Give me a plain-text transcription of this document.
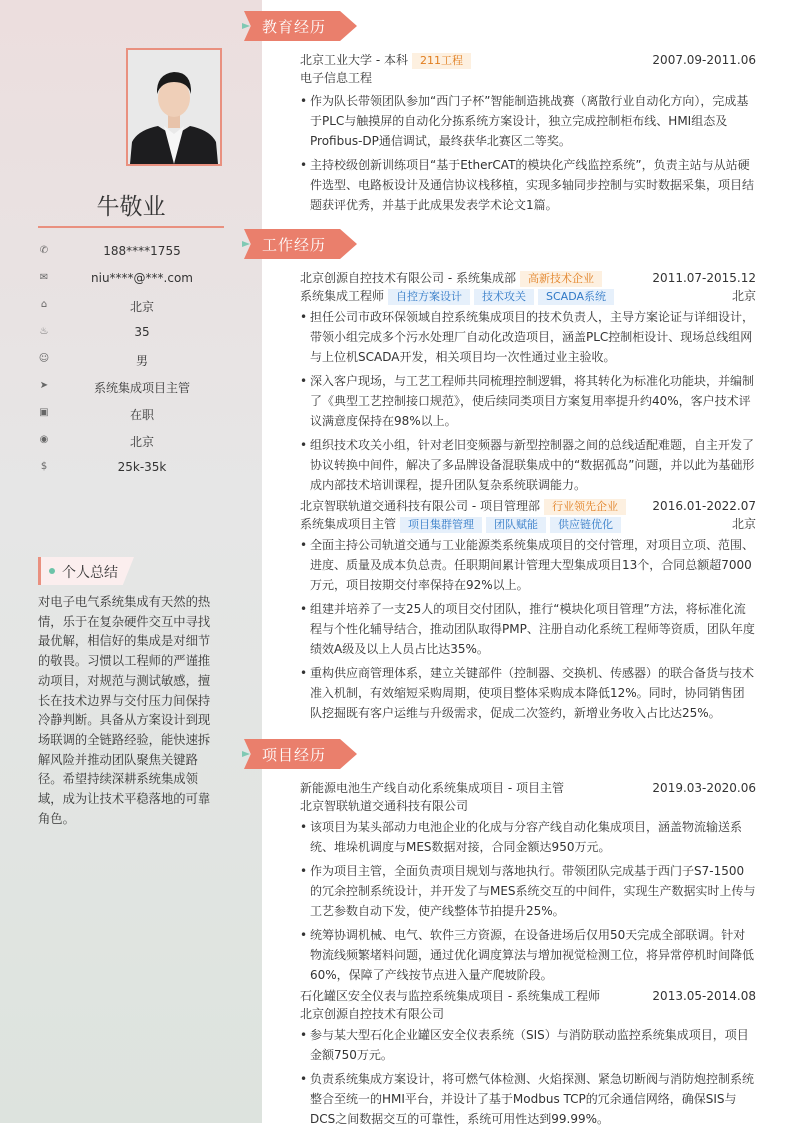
牛敬业
✆	188****1755
✉	niu****@***.com
⌂	北京
♨	35
☺	男
➤	系统集成项目主管
▣	在职
◉	北京
$	25k-35k
个人总结
对电子电气系统集成有天然的热情，乐于在复杂硬件交互中寻找最优解，相信好的集成是对细节的敬畏。习惯以工程师的严谨推动项目，对规范与测试敏感，擅长在技术边界与交付压力间保持冷静判断。具备从方案设计到现场联调的全链路经验，能快速拆解风险并推动团队聚焦关键路径。希望持续深耕系统集成领域，成为让技术平稳落地的可靠角色。
教育经历
北京工业大学 - 本科 211工程	2007.09-2011.06
电子信息工程
• 作为队长带领团队参加“西门子杯”智能制造挑战赛（离散行业自动化方向），完成基于PLC与触摸屏的自动化分拣系统方案设计，独立完成控制柜布线、HMI组态及Profibus-DP通信调试，最终获华北赛区二等奖。
• 主持校级创新训练项目“基于EtherCAT的模块化产线监控系统”，负责主站与从站硬件选型、电路板设计及通信协议栈移植，实现多轴同步控制与实时数据采集，项目结题获评优秀，并基于此成果发表学术论文1篇。
工作经历
北京创源自控技术有限公司 - 系统集成部 高新技术企业	2011.07-2015.12
系统集成工程师 自控方案设计 技术攻关 SCADA系统	北京
• 担任公司市政环保领域自控系统集成项目的技术负责人，主导方案论证与详细设计，带领小组完成多个污水处理厂自动化改造项目，涵盖PLC控制柜设计、现场总线组网与上位机SCADA开发，相关项目均一次性通过业主验收。
• 深入客户现场，与工艺工程师共同梳理控制逻辑，将其转化为标准化功能块，并编制了《典型工艺控制接口规范》，使后续同类项目方案复用率提升约40%，客户技术评议满意度保持在98%以上。
• 组织技术攻关小组，针对老旧变频器与新型控制器之间的总线适配难题，自主开发了协议转换中间件，解决了多品牌设备混联集成中的“数据孤岛”问题，并以此为基础形成内部技术培训课程，提升团队复杂系统联调能力。
北京智联轨道交通科技有限公司 - 项目管理部 行业领先企业	2016.01-2022.07
系统集成项目主管 项目集群管理 团队赋能 供应链优化	北京
• 全面主持公司轨道交通与工业能源类系统集成项目的交付管理，对项目立项、范围、进度、质量及成本负总责。任职期间累计管理大型集成项目13个，合同总额超7000万元，项目按期交付率保持在92%以上。
• 组建并培养了一支25人的项目交付团队，推行“模块化项目管理”方法，将标准化流程与个性化辅导结合，推动团队取得PMP、注册自动化系统工程师等资质，团队年度绩效A级及以上人员占比达35%。
• 重构供应商管理体系，建立关键部件（控制器、交换机、传感器）的联合备货与技术准入机制，有效缩短采购周期，使项目整体采购成本降低12%。同时，协同销售团队挖掘既有客户运维与升级需求，促成二次签约，新增业务收入占比达25%。
项目经历
新能源电池生产线自动化系统集成项目 - 项目主管	2019.03-2020.06
北京智联轨道交通科技有限公司
• 该项目为某头部动力电池企业的化成与分容产线自动化集成项目，涵盖物流输送系统、堆垛机调度与MES数据对接，合同金额达950万元。
• 作为项目主管，全面负责项目规划与落地执行。带领团队完成基于西门子S7-1500的冗余控制系统设计，并开发了与MES系统交互的中间件，实现生产数据实时上传与工艺参数自动下发，使产线整体节拍提升25%。
• 统筹协调机械、电气、软件三方资源，在设备进场后仅用50天完成全部联调。针对物流线频繁堵料问题，通过优化调度算法与增加视觉检测工位，将异常停机时间降低60%，保障了产线按节点进入量产爬坡阶段。
石化罐区安全仪表与监控系统集成项目 - 系统集成工程师	2013.05-2014.08
北京创源自控技术有限公司
• 参与某大型石化企业罐区安全仪表系统（SIS）与消防联动监控系统集成项目，项目金额750万元。
• 负责系统集成方案设计，将可燃气体检测、火焰探测、紧急切断阀与消防炮控制系统整合至统一的HMI平台，并设计了基于Modbus TCP的冗余通信网络，确保SIS与DCS之间数据交互的可靠性，系统可用性达到99.99%。
